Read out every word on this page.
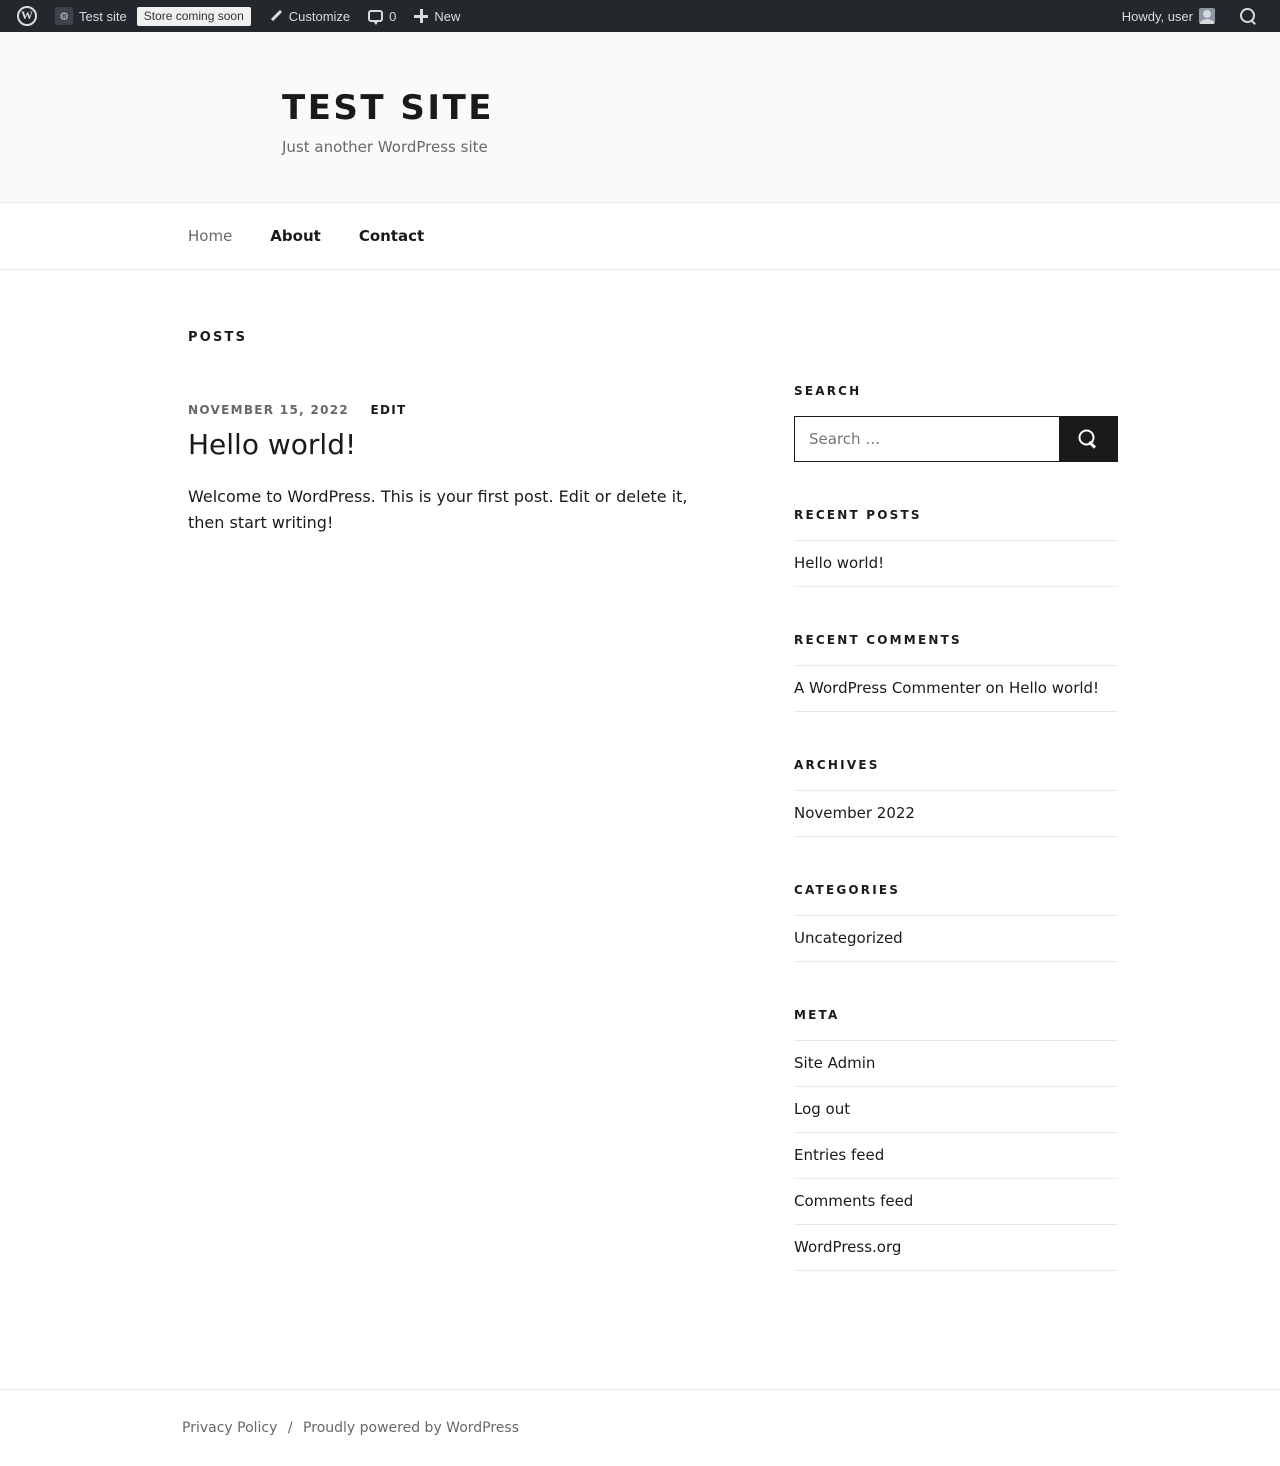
W
⚙ Test site	Store coming soon	Customize	0	New	Howdy, user
TEST SITE

Just another WordPress site

Home	About	Contact
POSTS
NOVEMBER 15, 2022 EDIT
Hello world!

Welcome to WordPress. This is your first post. Edit or delete it, then start writing!

SEARCH
Search …
RECENT POSTS
Hello world!
RECENT COMMENTS
A WordPress Commenter on Hello world!
ARCHIVES
November 2022
CATEGORIES
Uncategorized
META
Site Admin
Log out
Entries feed
Comments feed
WordPress.org
Privacy Policy / Proudly powered by WordPress
